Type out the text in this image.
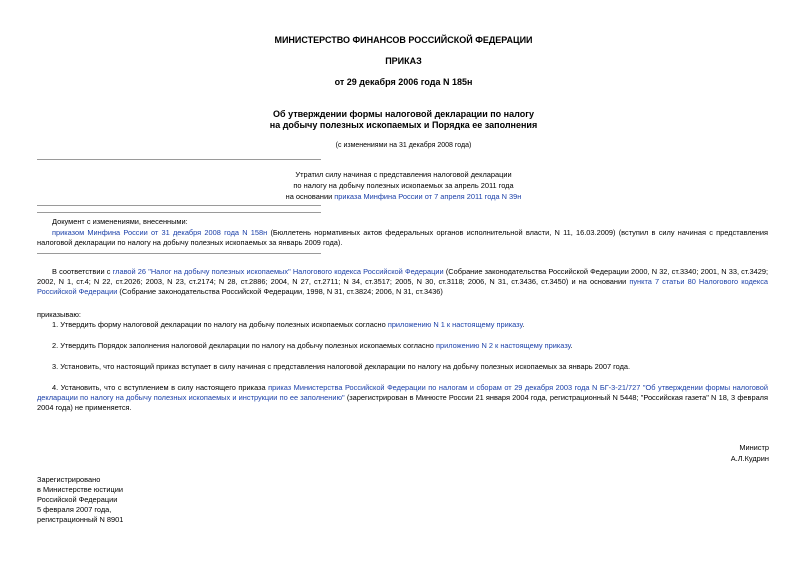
МИНИСТЕРСТВО ФИНАНСОВ РОССИЙСКОЙ ФЕДЕРАЦИИ
ПРИКАЗ
от 29 декабря 2006 года N 185н
Об утверждении формы налоговой декларации по налогу
на добычу полезных ископаемых и Порядка ее заполнения
(с изменениями на 31 декабря 2008 года)
Утратил силу начиная с представления налоговой декларации
по налогу на добычу полезных ископаемых за апрель 2011 года
на основании приказа Минфина России от 7 апреля 2011 года N 39н
Документ с изменениями, внесенными:
приказом Минфина России от 31 декабря 2008 года N 158н (Бюллетень нормативных актов федеральных органов исполнительной власти, N 11, 16.03.2009) (вступил в силу начиная с представления налоговой декларации по налогу на добычу полезных ископаемых за январь 2009 года).
В соответствии с главой 26 "Налог на добычу полезных ископаемых" Налогового кодекса Российской Федерации (Собрание законодательства Российской Федерации 2000, N 32, ст.3340; 2001, N 33, ст.3429; 2002, N 1, ст.4; N 22, ст.2026; 2003, N 23, ст.2174; N 28, ст.2886; 2004, N 27, ст.2711; N 34, ст.3517; 2005, N 30, ст.3118; 2006, N 31, ст.3436, ст.3450) и на основании пункта 7 статьи 80 Налогового кодекса Российской Федерации (Собрание законодательства Российской Федерации, 1998, N 31, ст.3824; 2006, N 31, ст.3436)
приказываю:
1. Утвердить форму налоговой декларации по налогу на добычу полезных ископаемых согласно приложению N 1 к настоящему приказу.
2. Утвердить Порядок заполнения налоговой декларации по налогу на добычу полезных ископаемых согласно приложению N 2 к настоящему приказу.
3. Установить, что настоящий приказ вступает в силу начиная с представления налоговой декларации по налогу на добычу полезных ископаемых за январь 2007 года.
4. Установить, что с вступлением в силу настоящего приказа приказ Министерства Российской Федерации по налогам и сборам от 29 декабря 2003 года N БГ-3-21/727 "Об утверждении формы налоговой декларации по налогу на добычу полезных ископаемых и инструкции по ее заполнению" (зарегистрирован в Минюсте России 21 января 2004 года, регистрационный N 5448; "Российская газета" N 18, 3 февраля 2004 года) не применяется.
Министр
А.Л.Кудрин
Зарегистрировано
в Министерстве юстиции
Российской Федерации
5 февраля 2007 года,
регистрационный N 8901
